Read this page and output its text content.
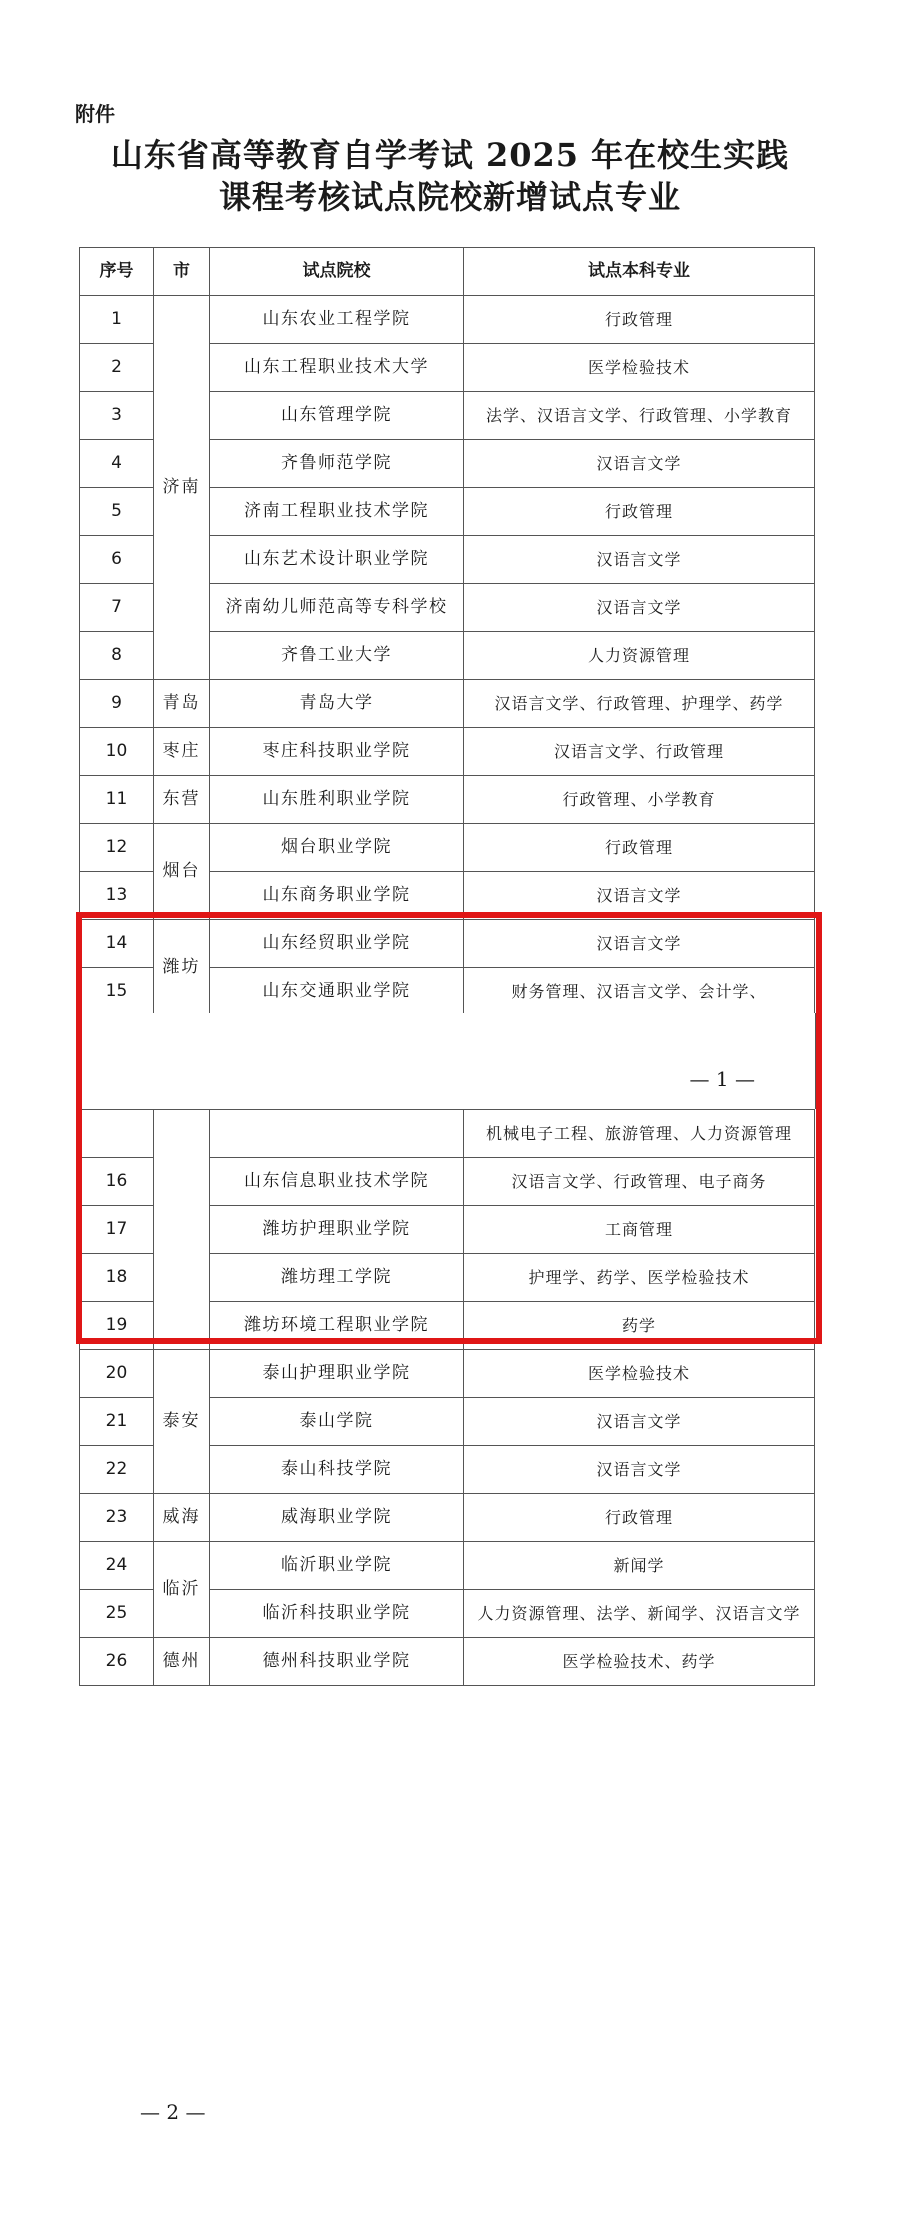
附件
山东省高等教育自学考试 2025 年在校生实践
课程考核试点院校新增试点专业
序号	市	试点院校	试点本科专业
1	济南	山东农业工程学院	行政管理
2		山东工程职业技术大学	医学检验技术
3		山东管理学院	法学、汉语言文学、行政管理、小学教育
4		齐鲁师范学院	汉语言文学
5		济南工程职业技术学院	行政管理
6		山东艺术设计职业学院	汉语言文学
7		济南幼儿师范高等专科学校	汉语言文学
8		齐鲁工业大学	人力资源管理
9	青岛	青岛大学	汉语言文学、行政管理、护理学、药学
10	枣庄	枣庄科技职业学院	汉语言文学、行政管理
11	东营	山东胜利职业学院	行政管理、小学教育
12	烟台	烟台职业学院	行政管理
13		山东商务职业学院	汉语言文学
14	潍坊	山东经贸职业学院	汉语言文学
15		山东交通职业学院	财务管理、汉语言文学、会计学、
— 1 —
			机械电子工程、旅游管理、人力资源管理
16		山东信息职业技术学院	汉语言文学、行政管理、电子商务
17		潍坊护理职业学院	工商管理
18		潍坊理工学院	护理学、药学、医学检验技术
19		潍坊环境工程职业学院	药学
20	泰安	泰山护理职业学院	医学检验技术
21		泰山学院	汉语言文学
22		泰山科技学院	汉语言文学
23	威海	威海职业学院	行政管理
24	临沂	临沂职业学院	新闻学
25		临沂科技职业学院	人力资源管理、法学、新闻学、汉语言文学
26	德州	德州科技职业学院	医学检验技术、药学
— 2 —
